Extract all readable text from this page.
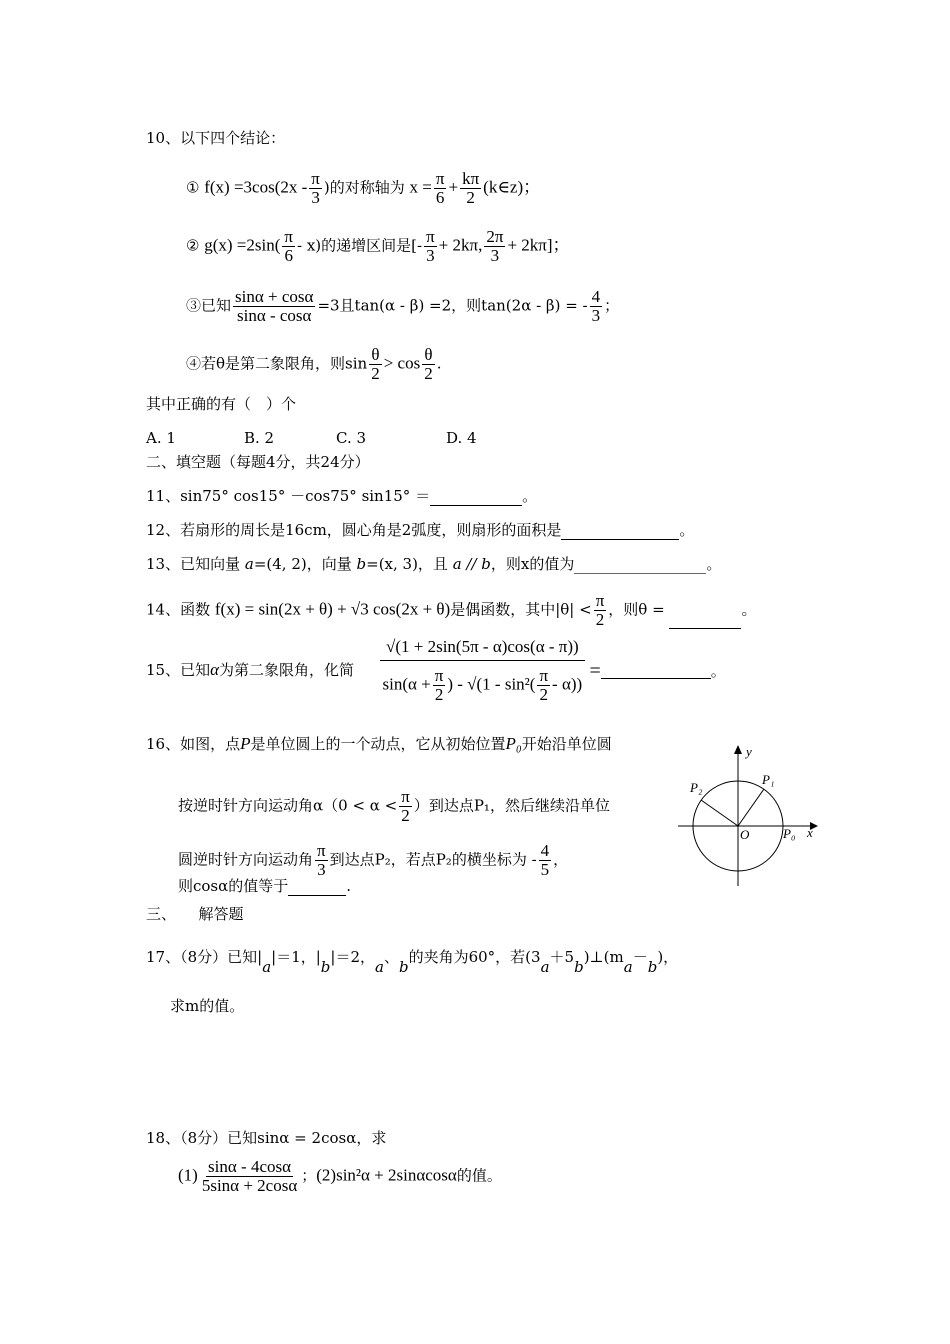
10、以下四个结论：
① $f(x) =3\cos(2x - \frac{\pi}{3}$ )的对称轴为 $x = \frac{\pi}{6} + \frac{k\pi}{2}$ (k∈z)；
② $g(x) =2\sin( \frac{\pi}{6} - x)$的递增区间是[- $\frac{\pi}{3} + 2k\pi$, $\frac{2\pi}{3} + 2k\pi$]；
③已知 $\frac{\sin\alpha + \cos\alpha}{\sin\alpha - \cos\alpha} =3$且tan(α - β) =2，则tan(2α - β) = - $\frac{4}{3}$ ；
④若θ是第二象限角，则$\sin \frac{\theta}{2} > \cos \frac{\theta}{2}$ .
其中正确的有（　）个
A. 1	B. 2	C. 3	D. 4
二、填空题（每题4分，共24分）
11、sin75° cos15° －cos75° sin15° ＝	。
12、若扇形的周长是16cm，圆心角是2弧度，则扇形的面积是	。
13、已知向量 a=(4, 2)，向量 b=(x, 3)，且 a // b，则x的值为	。
14、函数 f(x) = sin(2x + θ) + √3 cos(2x + θ)是偶函数，其中$|\theta| < \frac{\pi}{2}$ ，则θ =	。
15、已知α为第二象限角，化简 $\frac{√(1 + 2\sin(5\pi - \alpha)\cos(\alpha - \pi))}{\sin(\alpha + \frac{\pi}{2} ) - √(1 - \sin^2( \frac{\pi}{2} - \alpha))}$ =	。
16、如图，点P是单位圆上的一个动点，它从初始位置P₀开始沿单位圆
按逆时针方向运动角$\alpha(0 < \alpha < \frac{\pi}{2}$ ）到达点P₁，然后继续沿单位
圆逆时针方向运动角 $\frac{\pi}{3}$ 到达点P₂，若点P₂的横坐标为 - $\frac{4}{5}$ ，
则cosα的值等于	.
y
x
O
P₁
P₂
P₀
三、　　解答题
17、（8分）已知|a|＝1，|b|＝2，a、b的夹角为60°，若(3a＋5b)⊥(ma－b)，
求m的值。
18、（8分）已知sinα = 2cosα，求
$(1) \frac{\sin\alpha - 4\cos\alpha}{5\sin\alpha + 2\cos\alpha}$ ；(2)sin²α + 2sinαcosα的值。
